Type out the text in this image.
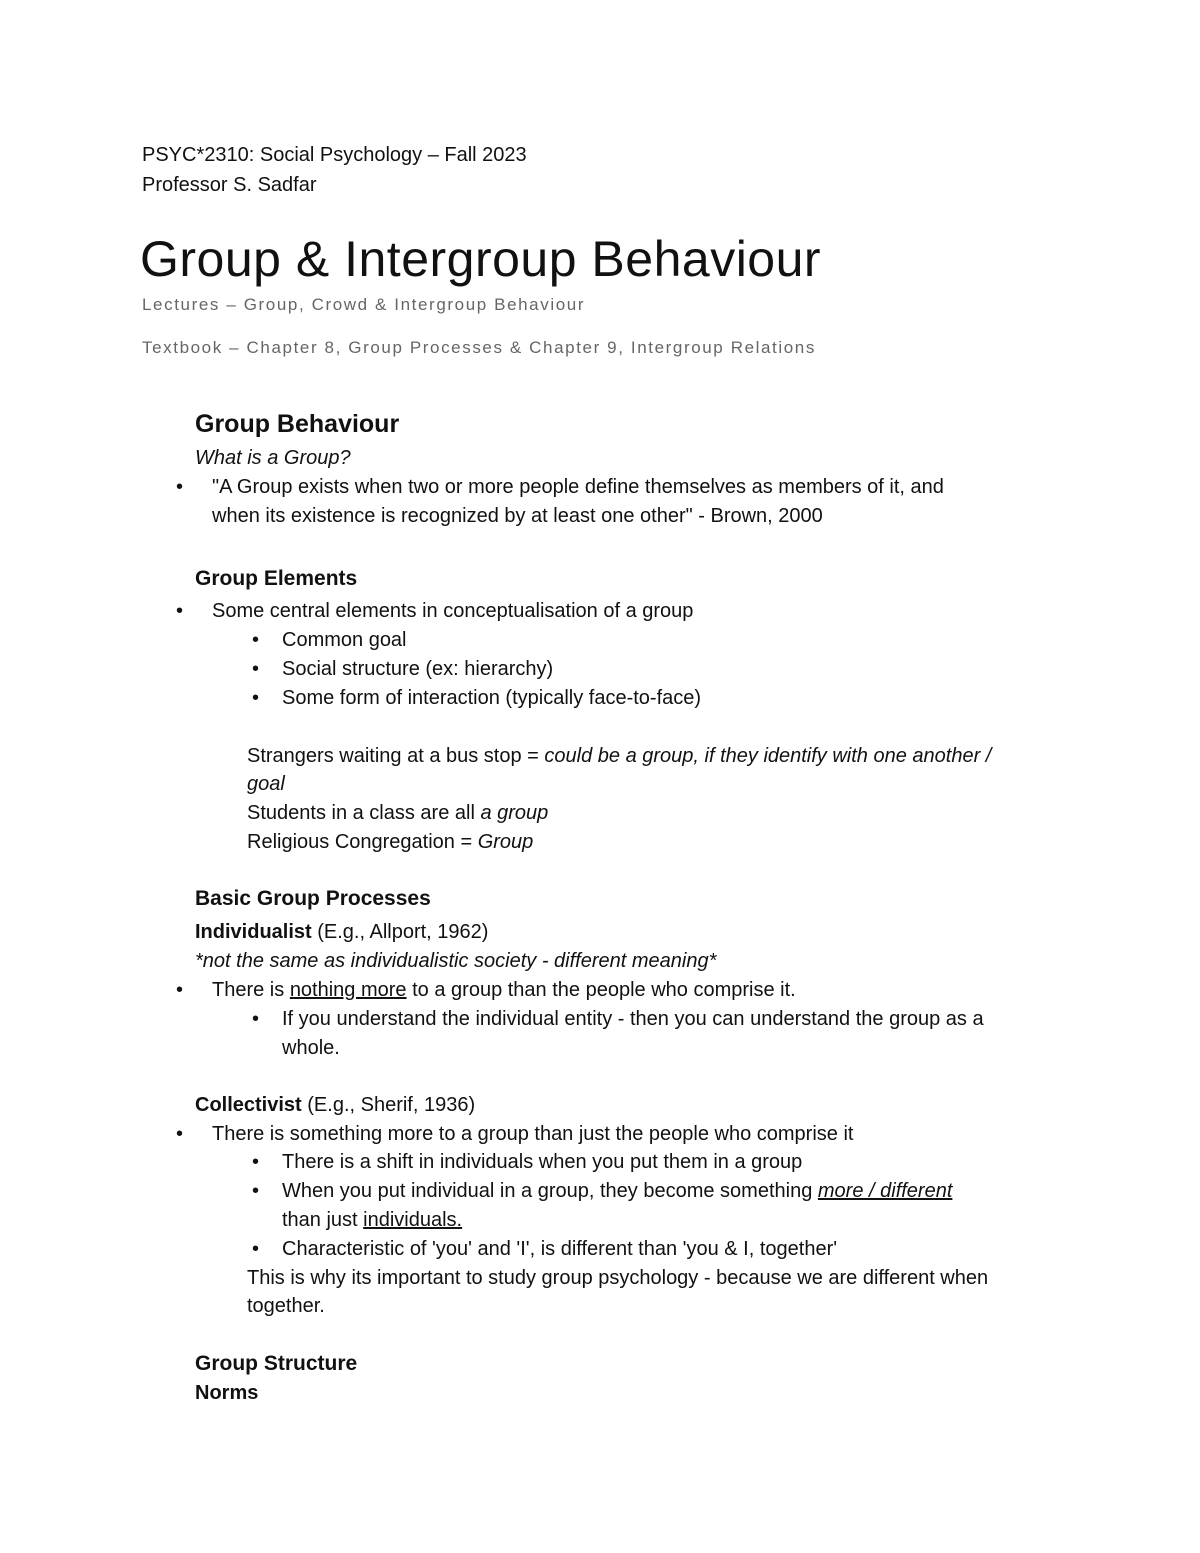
PSYC*2310: Social Psychology – Fall 2023
Professor S. Sadfar
Group & Intergroup Behaviour
Lectures – Group, Crowd & Intergroup Behaviour
Textbook – Chapter 8, Group Processes & Chapter 9, Intergroup Relations
Group Behaviour
What is a Group?
• "A Group exists when two or more people define themselves as members of it, and
when its existence is recognized by at least one other" - Brown, 2000
Group Elements
• Some central elements in conceptualisation of a group
• Common goal
• Social structure (ex: hierarchy)
• Some form of interaction (typically face-to-face)
Strangers waiting at a bus stop = could be a group, if they identify with one another /
goal
Students in a class are all a group
Religious Congregation = Group
Basic Group Processes
Individualist (E.g., Allport, 1962)
*not the same as individualistic society - different meaning*
• There is nothing more to a group than the people who comprise it.
• If you understand the individual entity - then you can understand the group as a
whole.
Collectivist (E.g., Sherif, 1936)
• There is something more to a group than just the people who comprise it
• There is a shift in individuals when you put them in a group
• When you put individual in a group, they become something more / different
than just individuals.
• Characteristic of 'you' and 'I', is different than 'you & I, together'
This is why its important to study group psychology - because we are different when
together.
Group Structure
Norms
